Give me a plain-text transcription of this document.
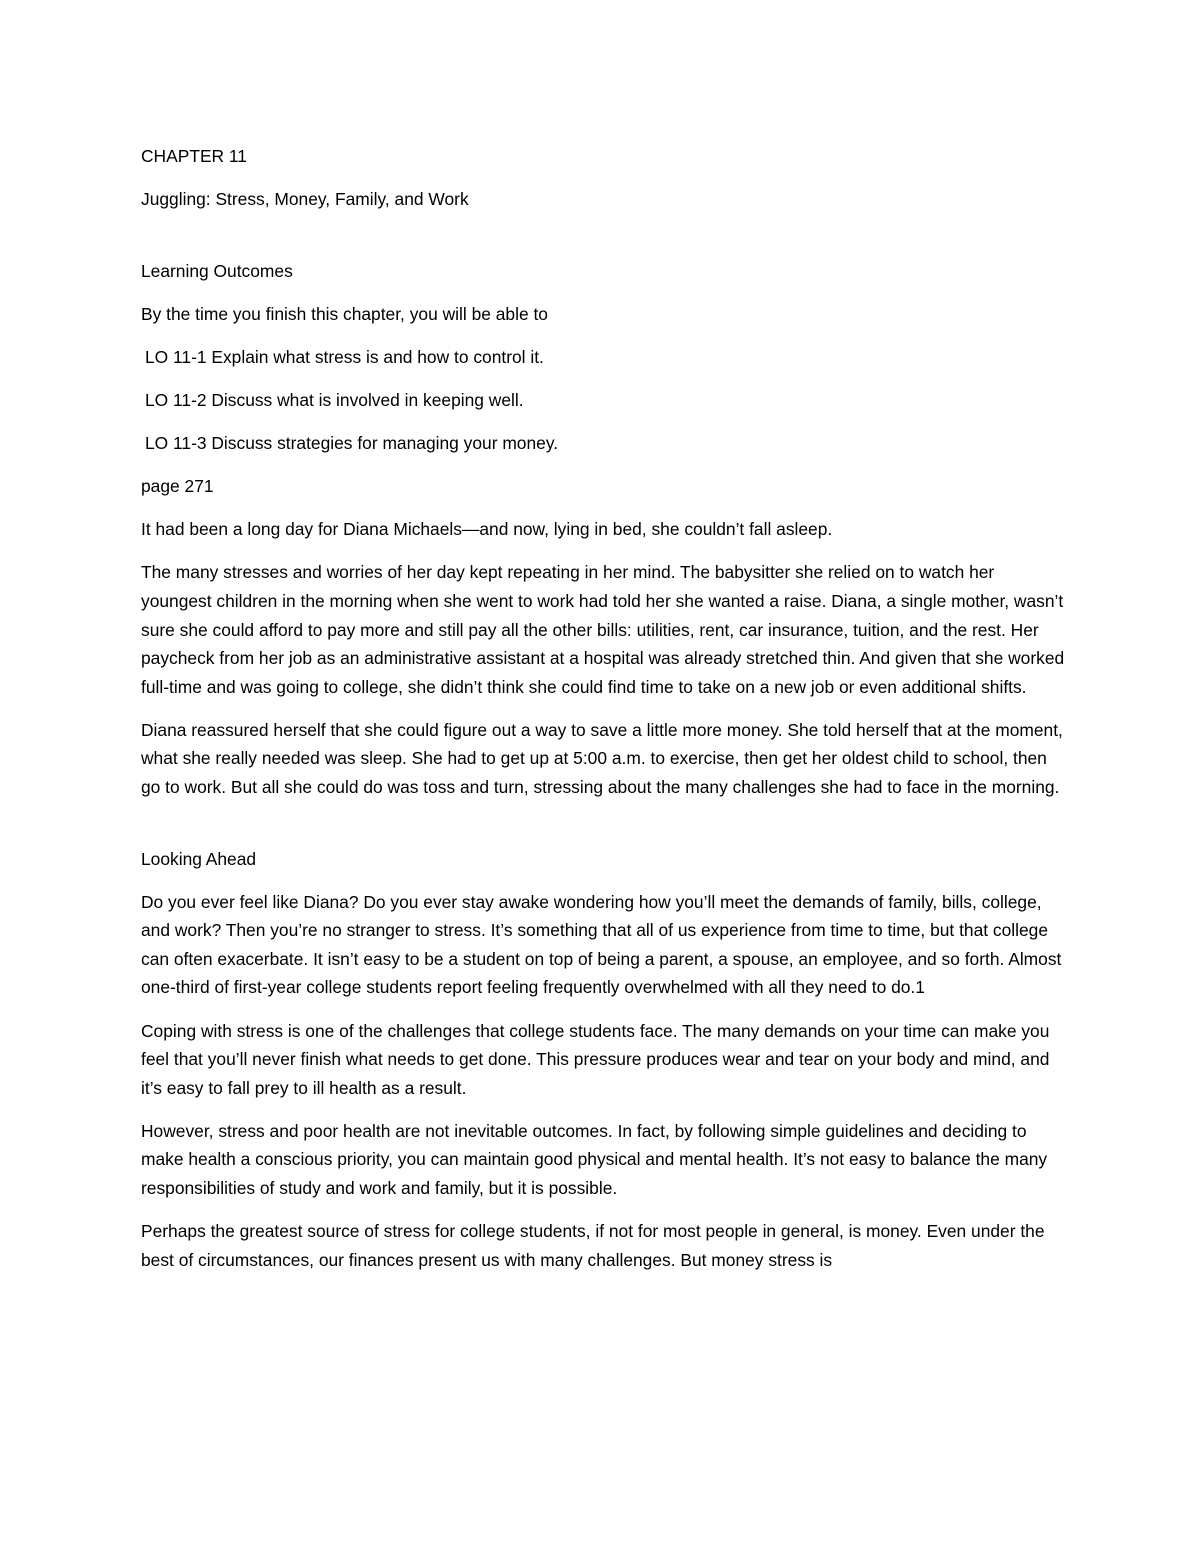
CHAPTER 11

Juggling: Stress, Money, Family, and Work

Learning Outcomes

By the time you finish this chapter, you will be able to

LO 11-1 Explain what stress is and how to control it.

LO 11-2 Discuss what is involved in keeping well.

LO 11-3 Discuss strategies for managing your money.

page 271

It had been a long day for Diana Michaels—and now, lying in bed, she couldn’t fall asleep.

The many stresses and worries of her day kept repeating in her mind. The babysitter she relied on to watch her youngest children in the morning when she went to work had told her she wanted a raise. Diana, a single mother, wasn’t sure she could afford to pay more and still pay all the other bills: utilities, rent, car insurance, tuition, and the rest. Her paycheck from her job as an administrative assistant at a hospital was already stretched thin. And given that she worked full-time and was going to college, she didn’t think she could find time to take on a new job or even additional shifts.

Diana reassured herself that she could figure out a way to save a little more money. She told herself that at the moment, what she really needed was sleep. She had to get up at 5:00 a.m. to exercise, then get her oldest child to school, then go to work. But all she could do was toss and turn, stressing about the many challenges she had to face in the morning.

Looking Ahead

Do you ever feel like Diana? Do you ever stay awake wondering how you’ll meet the demands of family, bills, college, and work? Then you’re no stranger to stress. It’s something that all of us experience from time to time, but that college can often exacerbate. It isn’t easy to be a student on top of being a parent, a spouse, an employee, and so forth. Almost one-third of first-year college students report feeling frequently overwhelmed with all they need to do.1

Coping with stress is one of the challenges that college students face. The many demands on your time can make you feel that you’ll never finish what needs to get done. This pressure produces wear and tear on your body and mind, and it’s easy to fall prey to ill health as a result.

However, stress and poor health are not inevitable outcomes. In fact, by following simple guidelines and deciding to make health a conscious priority, you can maintain good physical and mental health. It’s not easy to balance the many responsibilities of study and work and family, but it is possible.

Perhaps the greatest source of stress for college students, if not for most people in general, is money. Even under the best of circumstances, our finances present us with many challenges. But money stress is
